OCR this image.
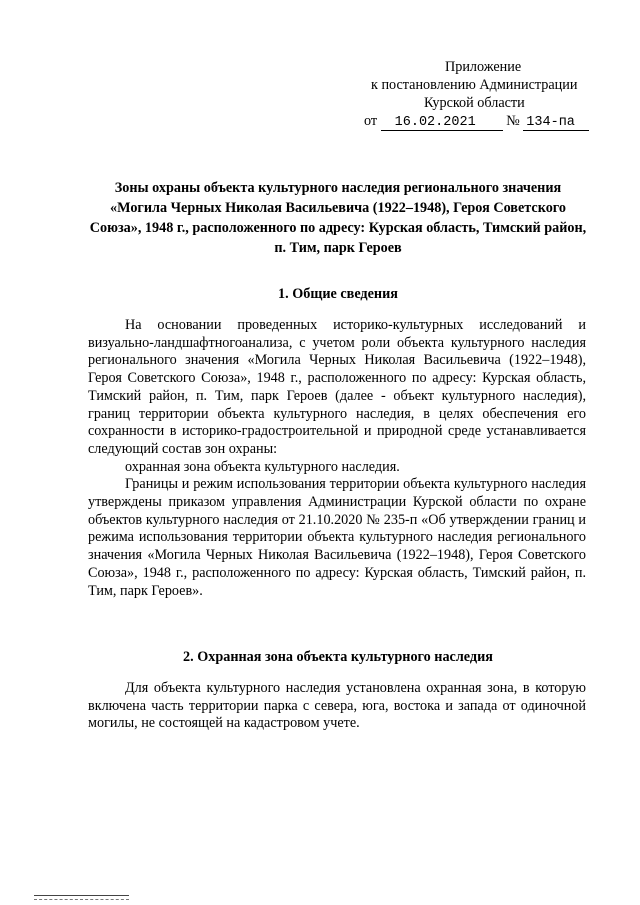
Приложение
к постановлению Администрации
Курской области
от 16.02.2021 № 134-па
Зоны охраны объекта культурного наследия регионального значения «Могила Черных Николая Васильевича (1922–1948), Героя Советского Союза», 1948 г., расположенного по адресу: Курская область, Тимский район, п. Тим, парк Героев
1. Общие сведения

На основании проведенных историко-культурных исследований и визуально-ландшафтногоанализа, с учетом роли объекта культурного наследия регионального значения «Могила Черных Николая Васильевича (1922–1948), Героя Советского Союза», 1948 г., расположенного по адресу: Курская область, Тимский район, п. Тим, парк Героев (далее - объект культурного наследия), границ территории объекта культурного наследия, в целях обеспечения его сохранности в историко-градостроительной и природной среде устанавливается следующий состав зон охраны:

охранная зона объекта культурного наследия.

Границы и режим использования территории объекта культурного наследия утверждены приказом управления Администрации Курской области по охране объектов культурного наследия от 21.10.2020 № 235-п «Об утверждении границ и режима использования территории объекта культурного наследия регионального значения «Могила Черных Николая Васильевича (1922–1948), Героя Советского Союза», 1948 г., расположенного по адресу: Курская область, Тимский район, п. Тим, парк Героев».

2. Охранная зона объекта культурного наследия

Для объекта культурного наследия установлена охранная зона, в которую включена часть территории парка с севера, юга, востока и запада от одиночной могилы, не состоящей на кадастровом учете.
